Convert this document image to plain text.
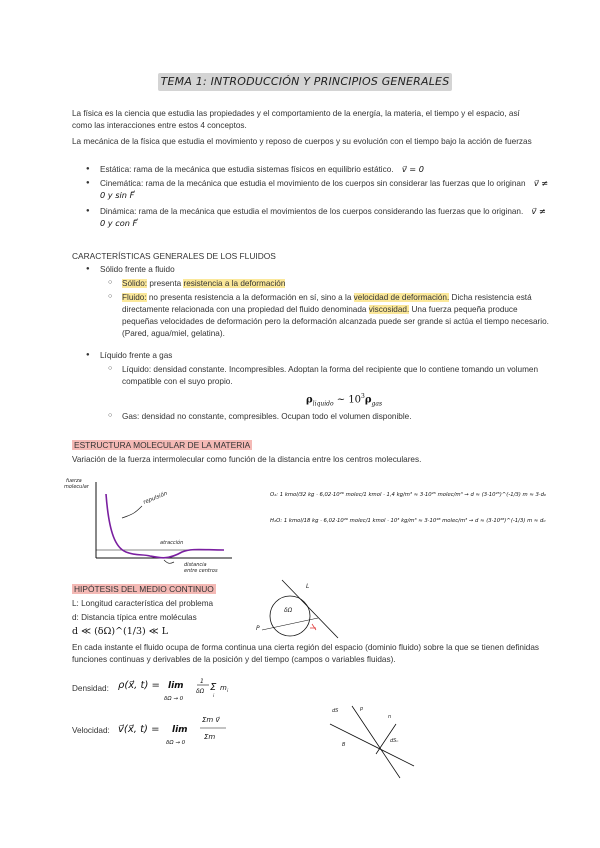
TEMA 1: INTRODUCCIÓN Y PRINCIPIOS GENERALES

La física es la ciencia que estudia las propiedades y el comportamiento de la energía, la materia, el tiempo y el espacio, así como las interacciones entre estos 4 conceptos.

La mecánica de la física que estudia el movimiento y reposo de cuerpos y su evolución con el tiempo bajo la acción de fuerzas

● Estática: rama de la mecánica que estudia sistemas físicos en equilibrio estático. v⃗ = 0
● Cinemática: rama de la mecánica que estudia el movimiento de los cuerpos sin considerar las fuerzas que lo originan v⃗ ≠ 0 y sin F⃗
● Dinámica: rama de la mecánica que estudia el movimientos de los cuerpos considerando las fuerzas que lo originan. v⃗ ≠ 0 y con F⃗
CARACTERÍSTICAS GENERALES DE LOS FLUIDOS
● Sólido frente a fluido
○ Sólido: presenta resistencia a la deformación
○ Fluido: no presenta resistencia a la deformación en sí, sino a la velocidad de deformación. Dicha resistencia está directamente relacionada con una propiedad del fluido denominada viscosidad. Una fuerza pequeña produce pequeñas velocidades de deformación pero la deformación alcanzada puede ser grande si actúa el tiempo necesario. (Pared, agua/miel, gelatina).
● Líquido frente a gas
○ Líquido: densidad constante. Incompresibles. Adoptan la forma del recipiente que lo contiene tomando un volumen compatible con el suyo propio.
$\rho_{liquido}$ ~ $10^3\rho_{gas}$
○ Gas: densidad no constante, compresibles. Ocupan todo el volumen disponible.
ESTRUCTURA MOLECULAR DE LA MATERIA
Variación de la fuerza intermolecular como función de la distancia entre los centros moleculares.
fuerza
molecular
repulsión
atracción
distancia
entre centros
O₂: 1 kmol/32 kg · 6,02·10²⁶ molec/1 kmol · 1,4 kg/m³ ≈ 3·10²⁵ molec/m³ → d ≈ (3·10²⁵)^(-1/3) m ≈ 3·d₀
H₂O: 1 kmol/18 kg · 6,02·10²⁶ molec/1 kmol · 10³ kg/m³ ≈ 3·10²⁸ molec/m³ → d ≈ (3·10²⁸)^(-1/3) m ≈ d₀
HIPÓTESIS DEL MEDIO CONTINUO
L: Longitud característica del problema
d: Distancia típica entre moléculas
d ≪ (δΩ)^(1/3) ≪ L
δΩ
L
P
En cada instante el fluido ocupa de forma continua una cierta región del espacio (dominio fluido) sobre la que se tienen definidas funciones continuas y derivables de la posición y del tiempo (campos o variables fluidas).
Densidad: ρ(x⃗, t) = lim
δΩ → 0
1
δΩ Σ m i
i
Velocidad: v⃗(x⃗, t) = lim
δΩ → 0
Σm v⃗
Σm
dS	p
n
dSₙ
B
